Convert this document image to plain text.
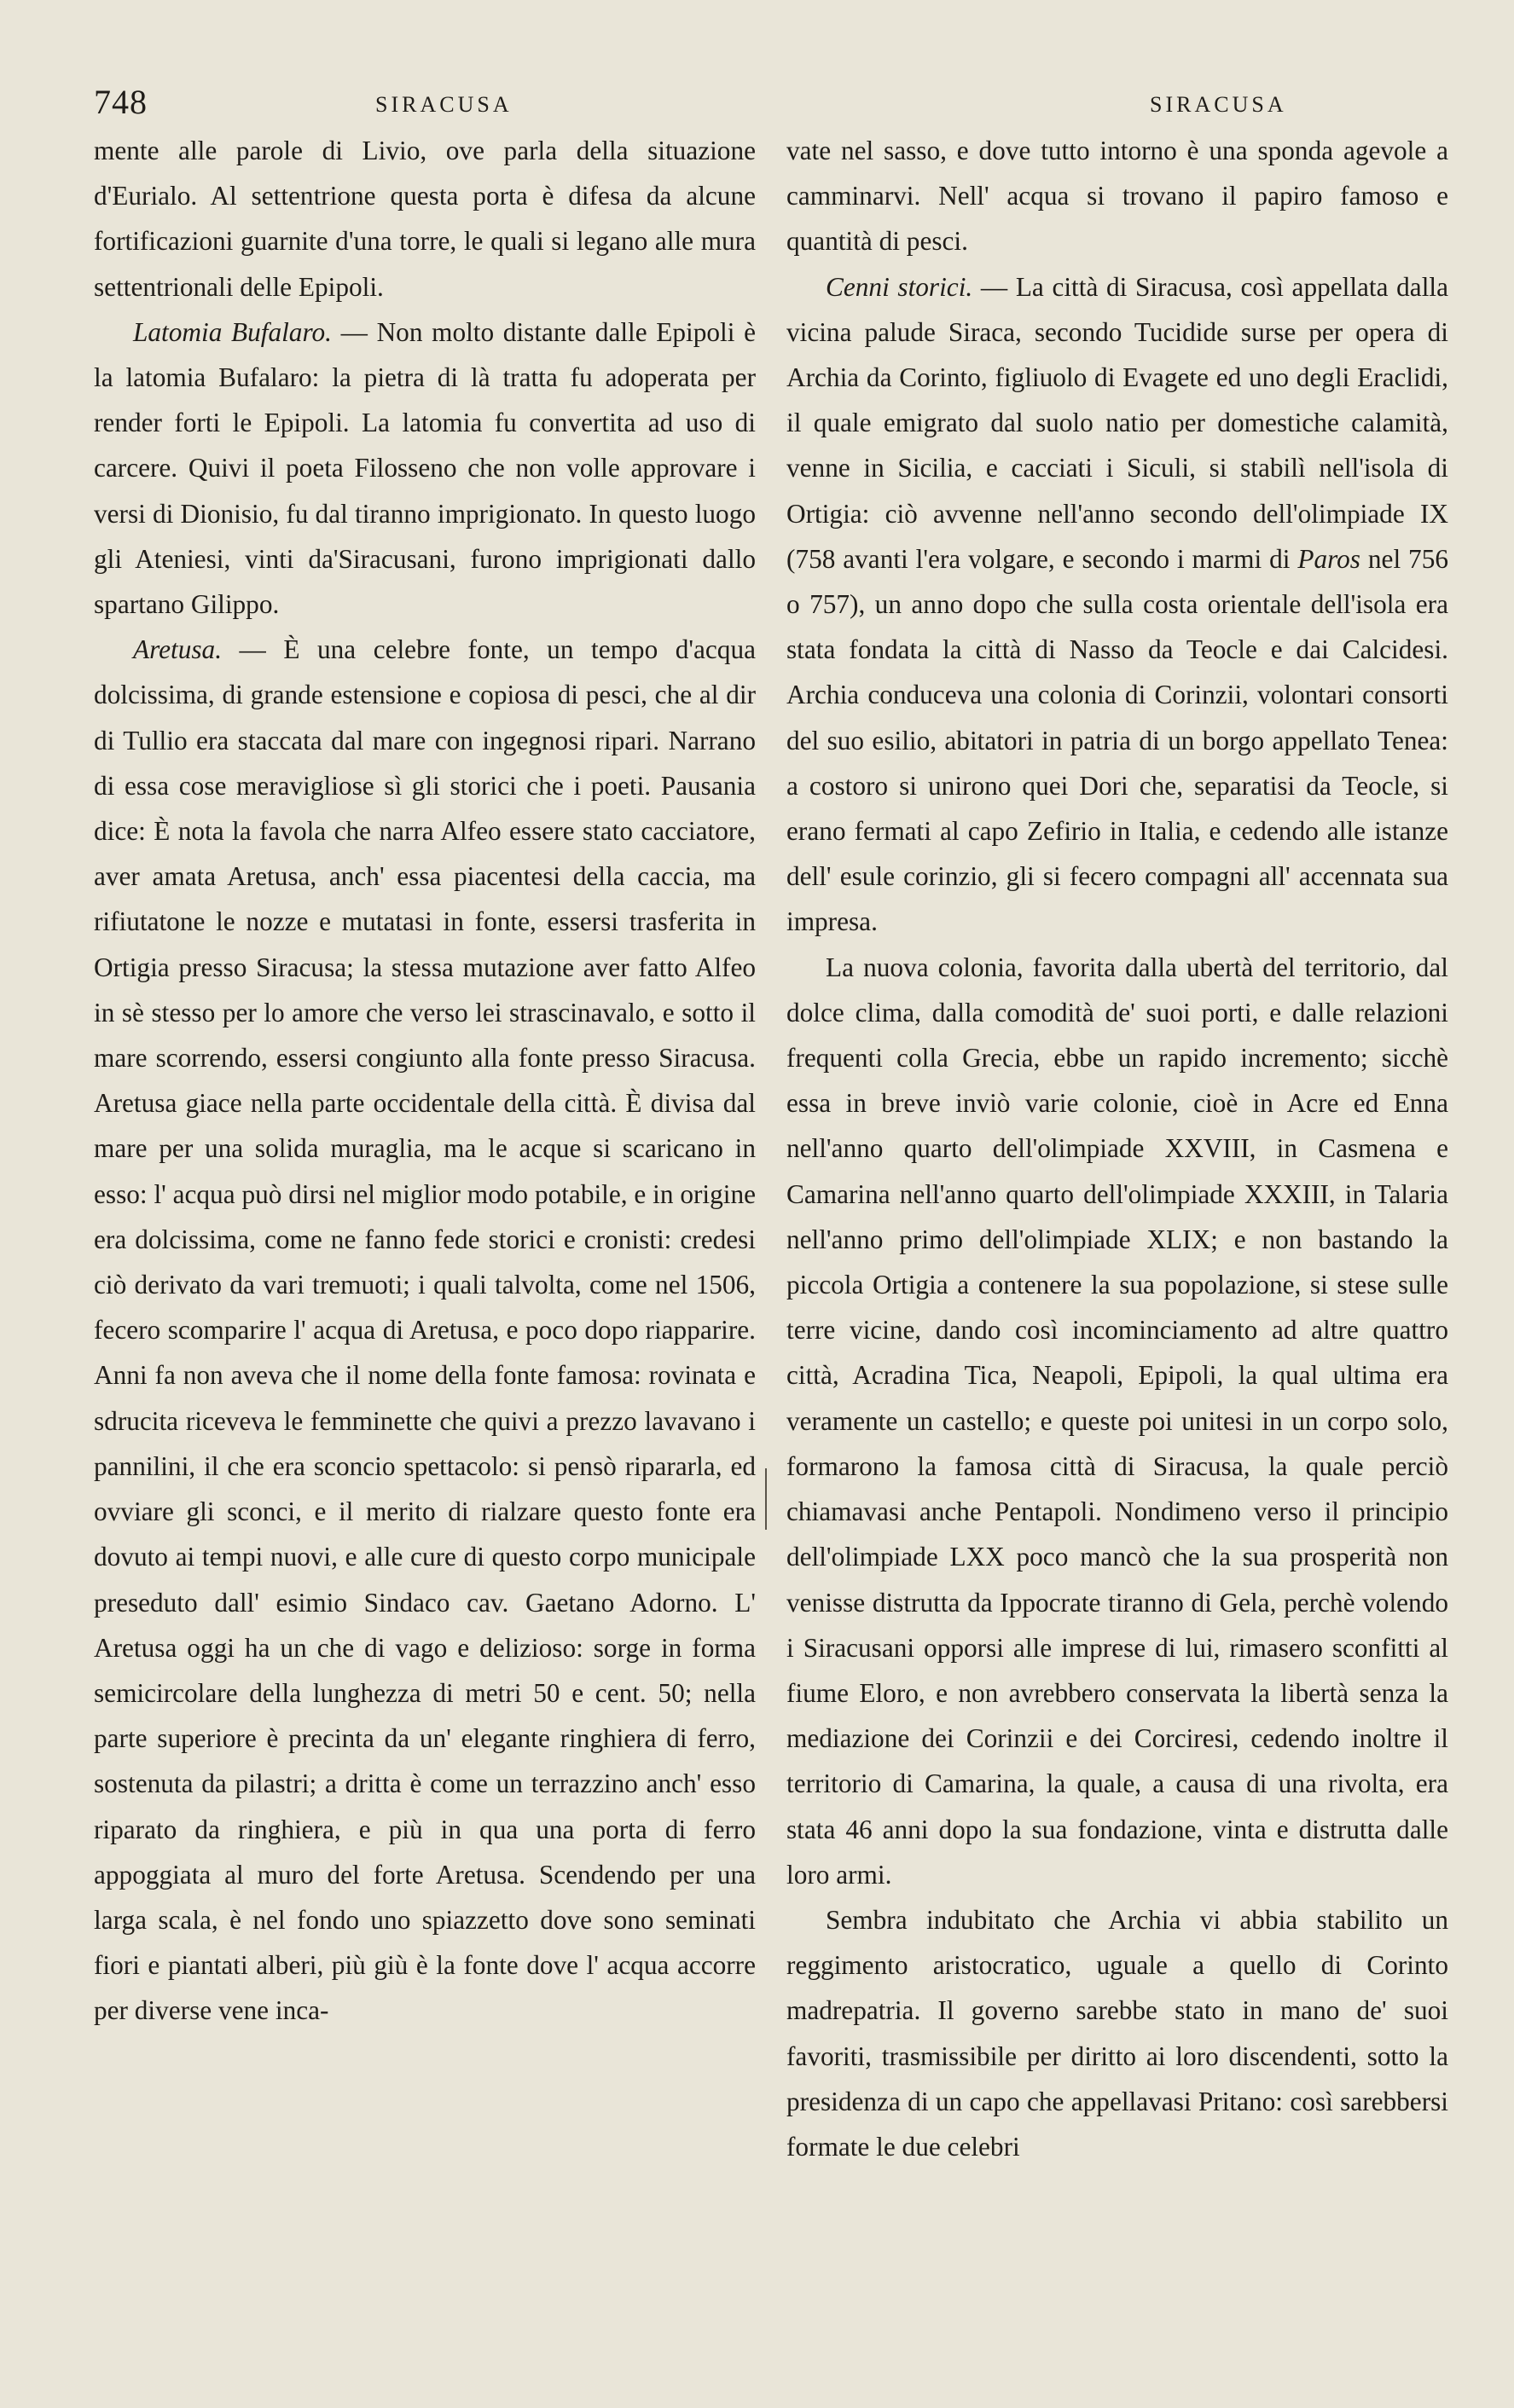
748	SIRACUSA	SIRACUSA

mente alle parole di Livio, ove parla della situazione d'Eurialo. Al settentrione questa porta è difesa da alcune fortificazioni guarnite d'una torre, le quali si legano alle mura settentrionali delle Epipoli.

Latomia Bufalaro. — Non molto distante dalle Epipoli è la latomia Bufalaro: la pietra di là tratta fu adoperata per render forti le Epipoli. La latomia fu convertita ad uso di carcere. Quivi il poeta Filosseno che non volle approvare i versi di Dionisio, fu dal tiranno imprigionato. In questo luogo gli Ateniesi, vinti da'Siracusani, furono imprigionati dallo spartano Gilippo.

Aretusa. — È una celebre fonte, un tempo d'acqua dolcissima, di grande estensione e copiosa di pesci, che al dir di Tullio era staccata dal mare con ingegnosi ripari. Narrano di essa cose meravigliose sì gli storici che i poeti. Pausania dice: È nota la favola che narra Alfeo essere stato cacciatore, aver amata Aretusa, anch' essa piacentesi della caccia, ma rifiutatone le nozze e mutatasi in fonte, essersi trasferita in Ortigia presso Siracusa; la stessa mutazione aver fatto Alfeo in sè stesso per lo amore che verso lei strascinavalo, e sotto il mare scorrendo, essersi congiunto alla fonte presso Siracusa. Aretusa giace nella parte occidentale della città. È divisa dal mare per una solida muraglia, ma le acque si scaricano in esso: l' acqua può dirsi nel miglior modo potabile, e in origine era dolcissima, come ne fanno fede storici e cronisti: credesi ciò derivato da vari tremuoti; i quali talvolta, come nel 1506, fecero scomparire l' acqua di Aretusa, e poco dopo riapparire. Anni fa non aveva che il nome della fonte famosa: rovinata e sdrucita riceveva le femminette che quivi a prezzo lavavano i pannilini, il che era sconcio spettacolo: si pensò ripararla, ed ovviare gli sconci, e il merito di rialzare questo fonte era dovuto ai tempi nuovi, e alle cure di questo corpo municipale preseduto dall' esimio Sindaco cav. Gaetano Adorno. L' Aretusa oggi ha un che di vago e delizioso: sorge in forma semicircolare della lunghezza di metri 50 e cent. 50; nella parte superiore è precinta da un' elegante ringhiera di ferro, sostenuta da pilastri; a dritta è come un terrazzino anch' esso riparato da ringhiera, e più in qua una porta di ferro appoggiata al muro del forte Aretusa. Scendendo per una larga scala, è nel fondo uno spiazzetto dove sono seminati fiori e piantati alberi, più giù è la fonte dove l' acqua accorre per diverse vene inca-

vate nel sasso, e dove tutto intorno è una sponda agevole a camminarvi. Nell' acqua si trovano il papiro famoso e quantità di pesci.

Cenni storici. — La città di Siracusa, così appellata dalla vicina palude Siraca, secondo Tucidide surse per opera di Archia da Corinto, figliuolo di Evagete ed uno degli Eraclidi, il quale emigrato dal suolo natio per domestiche calamità, venne in Sicilia, e cacciati i Siculi, si stabilì nell'isola di Ortigia: ciò avvenne nell'anno secondo dell'olimpiade IX (758 avanti l'era volgare, e secondo i marmi di Paros nel 756 o 757), un anno dopo che sulla costa orientale dell'isola era stata fondata la città di Nasso da Teocle e dai Calcidesi. Archia conduceva una colonia di Corinzii, volontari consorti del suo esilio, abitatori in patria di un borgo appellato Tenea: a costoro si unirono quei Dori che, separatisi da Teocle, si erano fermati al capo Zefirio in Italia, e cedendo alle istanze dell' esule corinzio, gli si fecero compagni all' accennata sua impresa.

La nuova colonia, favorita dalla ubertà del territorio, dal dolce clima, dalla comodità de' suoi porti, e dalle relazioni frequenti colla Grecia, ebbe un rapido incremento; sicchè essa in breve inviò varie colonie, cioè in Acre ed Enna nell'anno quarto dell'olimpiade XXVIII, in Casmena e Camarina nell'anno quarto dell'olimpiade XXXIII, in Talaria nell'anno primo dell'olimpiade XLIX; e non bastando la piccola Ortigia a contenere la sua popolazione, si stese sulle terre vicine, dando così incominciamento ad altre quattro città, Acradina Tica, Neapoli, Epipoli, la qual ultima era veramente un castello; e queste poi unitesi in un corpo solo, formarono la famosa città di Siracusa, la quale perciò chiamavasi anche Pentapoli. Nondimeno verso il principio dell'olimpiade LXX poco mancò che la sua prosperità non venisse distrutta da Ippocrate tiranno di Gela, perchè volendo i Siracusani opporsi alle imprese di lui, rimasero sconfitti al fiume Eloro, e non avrebbero conservata la libertà senza la mediazione dei Corinzii e dei Corciresi, cedendo inoltre il territorio di Camarina, la quale, a causa di una rivolta, era stata 46 anni dopo la sua fondazione, vinta e distrutta dalle loro armi.

Sembra indubitato che Archia vi abbia stabilito un reggimento aristocratico, uguale a quello di Corinto madrepatria. Il governo sarebbe stato in mano de' suoi favoriti, trasmissibile per diritto ai loro discendenti, sotto la presidenza di un capo che appellavasi Pritano: così sarebbersi formate le due celebri
